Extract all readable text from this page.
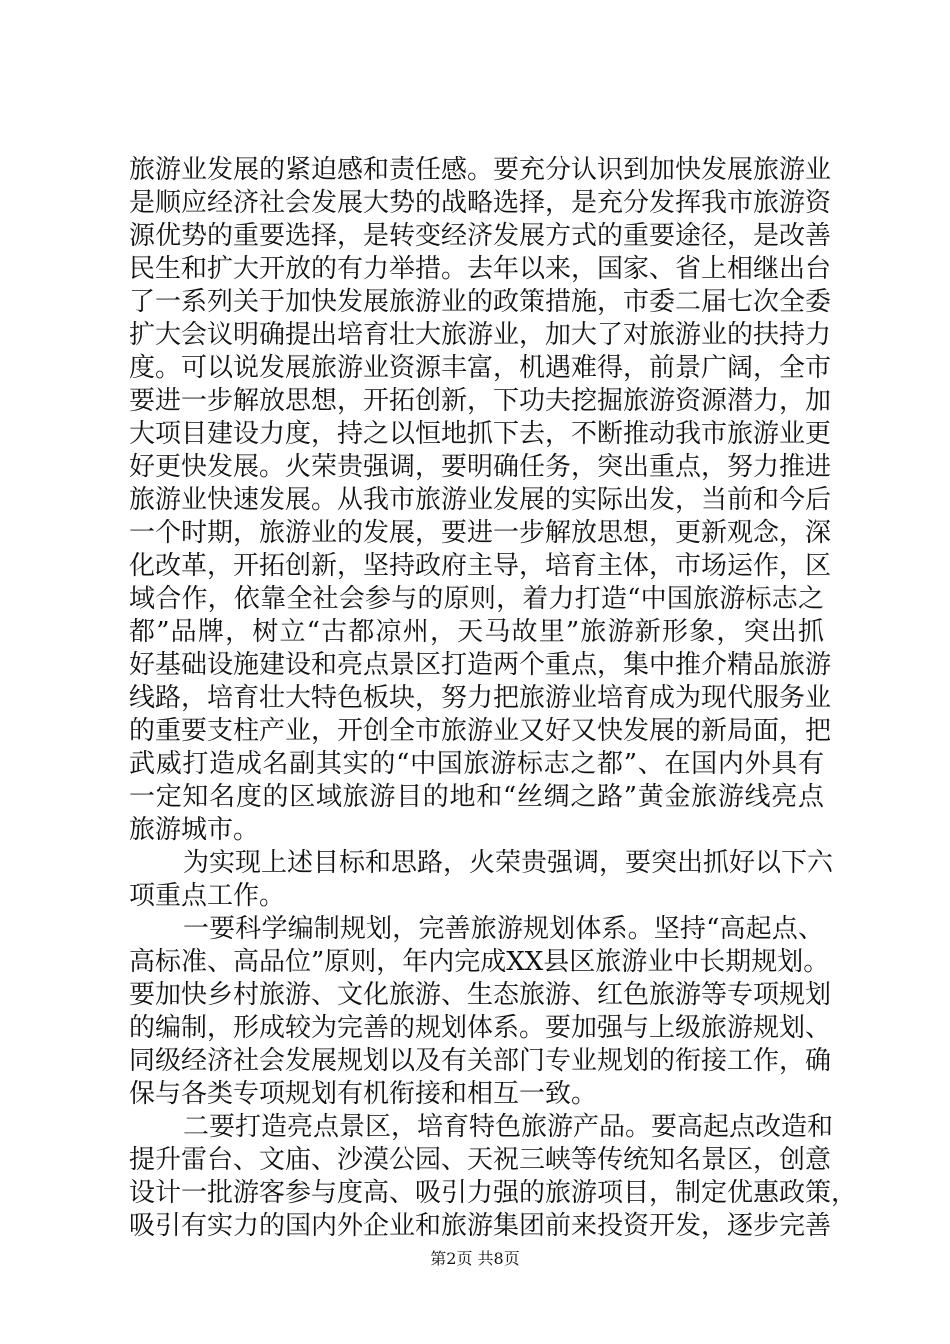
旅游业发展的紧迫感和责任感。要充分认识到加快发展旅游业
是顺应经济社会发展大势的战略选择，是充分发挥我市旅游资
源优势的重要选择，是转变经济发展方式的重要途径，是改善
民生和扩大开放的有力举措。去年以来，国家、省上相继出台
了一系列关于加快发展旅游业的政策措施，市委二届七次全委
扩大会议明确提出培育壮大旅游业，加大了对旅游业的扶持力
度。可以说发展旅游业资源丰富，机遇难得，前景广阔，全市
要进一步解放思想，开拓创新，下功夫挖掘旅游资源潜力，加
大项目建设力度，持之以恒地抓下去，不断推动我市旅游业更
好更快发展。火荣贵强调，要明确任务，突出重点，努力推进
旅游业快速发展。从我市旅游业发展的实际出发，当前和今后
一个时期，旅游业的发展，要进一步解放思想，更新观念，深
化改革，开拓创新，坚持政府主导，培育主体，市场运作，区
域合作，依靠全社会参与的原则，着力打造“中国旅游标志之
都”品牌，树立“古都凉州，天马故里”旅游新形象，突出抓
好基础设施建设和亮点景区打造两个重点，集中推介精品旅游
线路，培育壮大特色板块，努力把旅游业培育成为现代服务业
的重要支柱产业，开创全市旅游业又好又快发展的新局面，把
武威打造成名副其实的“中国旅游标志之都”、在国内外具有
一定知名度的区域旅游目的地和“丝绸之路”黄金旅游线亮点
旅游城市。
为实现上述目标和思路，火荣贵强调，要突出抓好以下六
项重点工作。
一要科学编制规划，完善旅游规划体系。坚持“高起点、
高标准、高品位”原则，年内完成XX县区旅游业中长期规划。
要加快乡村旅游、文化旅游、生态旅游、红色旅游等专项规划
的编制，形成较为完善的规划体系。要加强与上级旅游规划、
同级经济社会发展规划以及有关部门专业规划的衔接工作，确
保与各类专项规划有机衔接和相互一致。
二要打造亮点景区，培育特色旅游产品。要高起点改造和
提升雷台、文庙、沙漠公园、天祝三峡等传统知名景区，创意
设计一批游客参与度高、吸引力强的旅游项目，制定优惠政策，
吸引有实力的国内外企业和旅游集团前来投资开发，逐步完善
第2页 共8页
